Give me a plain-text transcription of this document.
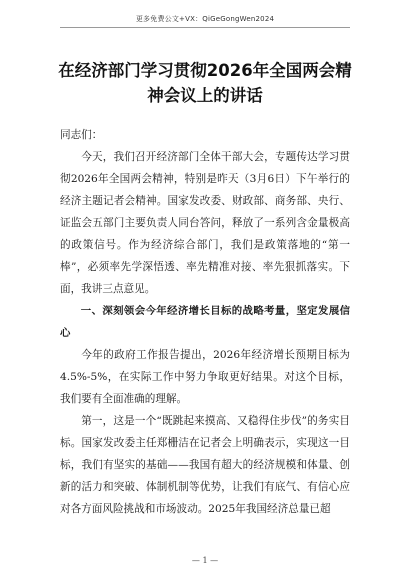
更多免费公文+VX：QiGeGongWen2024
在经济部门学习贯彻2026年全国两会精神会议上的讲话

同志们：

今天，我们召开经济部门全体干部大会，专题传达学习贯彻2026年全国两会精神，特别是昨天（3月6日）下午举行的经济主题记者会精神。国家发改委、财政部、商务部、央行、证监会五部门主要负责人同台答问，释放了一系列含金量极高的政策信号。作为经济综合部门，我们是政策落地的“第一棒”，必须率先学深悟透、率先精准对接、率先狠抓落实。下面，我讲三点意见。

一、深刻领会今年经济增长目标的战略考量，坚定发展信心

今年的政府工作报告提出，2026年经济增长预期目标为4.5%-5%，在实际工作中努力争取更好结果。对这个目标，我们要有全面准确的理解。

第一，这是一个“既跳起来摸高、又稳得住步伐”的务实目标。国家发改委主任郑栅洁在记者会上明确表示，实现这一目标，我们有坚实的基础——我国有超大的经济规模和体量、创新的活力和突破、体制机制等优势，让我们有底气、有信心应对各方面风险挑战和市场波动。2025年我国经济总量已超

— 1 —
